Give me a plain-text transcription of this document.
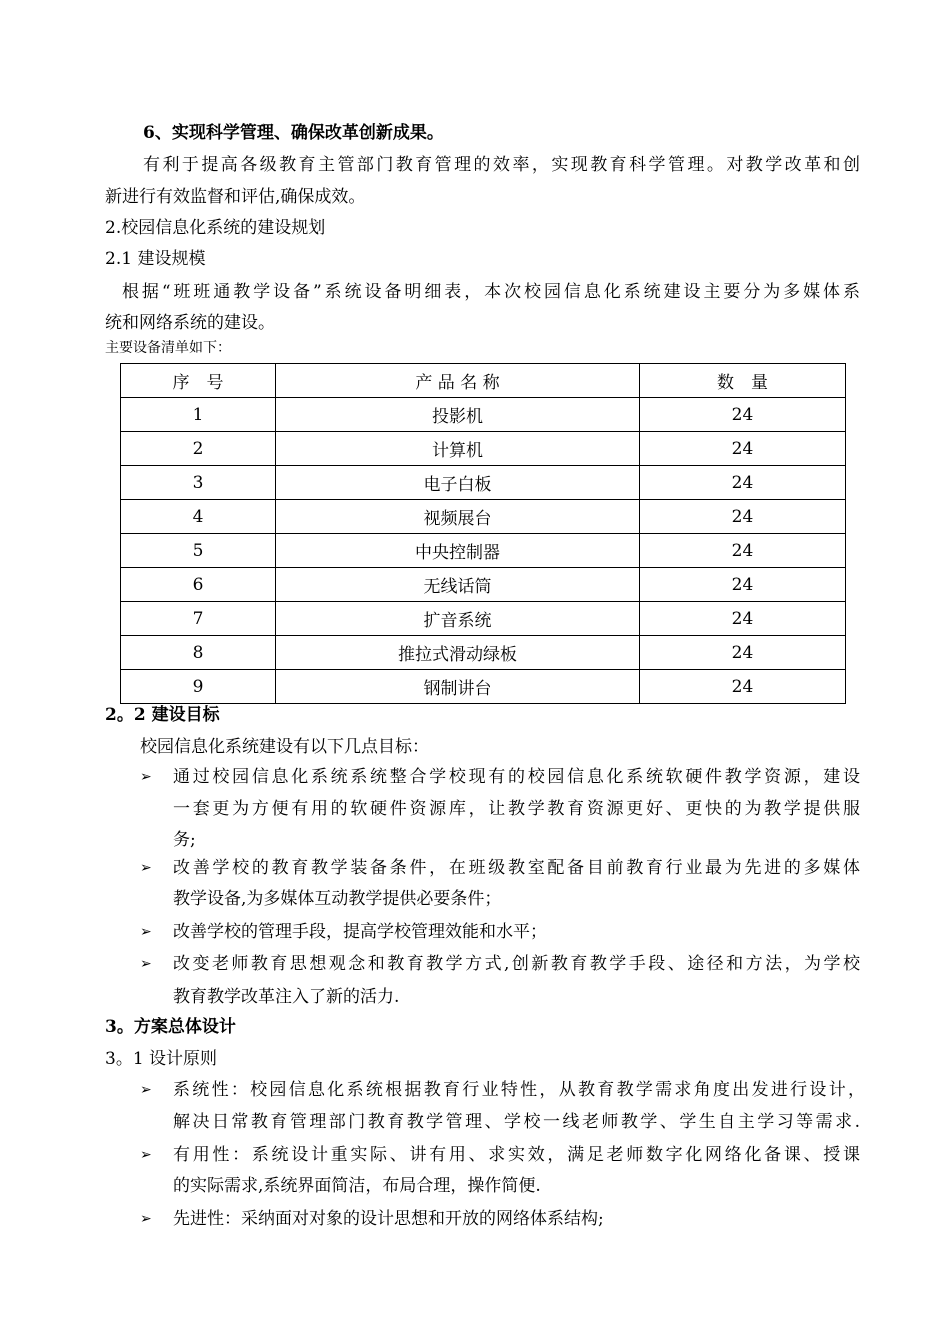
6、实现科学管理、确保改革创新成果。
有利于提高各级教育主管部门教育管理的效率，实现教育科学管理。对教学改革和创
新进行有效监督和评估,确保成效。
2.校园信息化系统的建设规划
2.1 建设规模
根据“班班通教学设备”系统设备明细表，本次校园信息化系统建设主要分为多媒体系
统和网络系统的建设。
主要设备清单如下：
序　号	产 品 名 称	数　量
1	投影机	24
2	计算机	24
3	电子白板	24
4	视频展台	24
5	中央控制器	24
6	无线话筒	24
7	扩音系统	24
8	推拉式滑动绿板	24
9	钢制讲台	24
2。2 建设目标
校园信息化系统建设有以下几点目标：
➢ 通过校园信息化系统系统整合学校现有的校园信息化系统软硬件教学资源，建设
一套更为方便有用的软硬件资源库，让教学教育资源更好、更快的为教学提供服
务;
➢ 改善学校的教育教学装备条件，在班级教室配备目前教育行业最为先进的多媒体
教学设备,为多媒体互动教学提供必要条件；
➢ 改善学校的管理手段，提高学校管理效能和水平；
➢ 改变老师教育思想观念和教育教学方式,创新教育教学手段、途径和方法，为学校
教育教学改革注入了新的活力.
3。方案总体设计
3。1 设计原则
➢ 系统性：校园信息化系统根据教育行业特性，从教育教学需求角度出发进行设计，
解决日常教育管理部门教育教学管理、学校一线老师教学、学生自主学习等需求.
➢ 有用性：系统设计重实际、讲有用、求实效，满足老师数字化网络化备课、授课
的实际需求,系统界面简洁，布局合理，操作简便.
➢ 先进性：采纳面对对象的设计思想和开放的网络体系结构;
